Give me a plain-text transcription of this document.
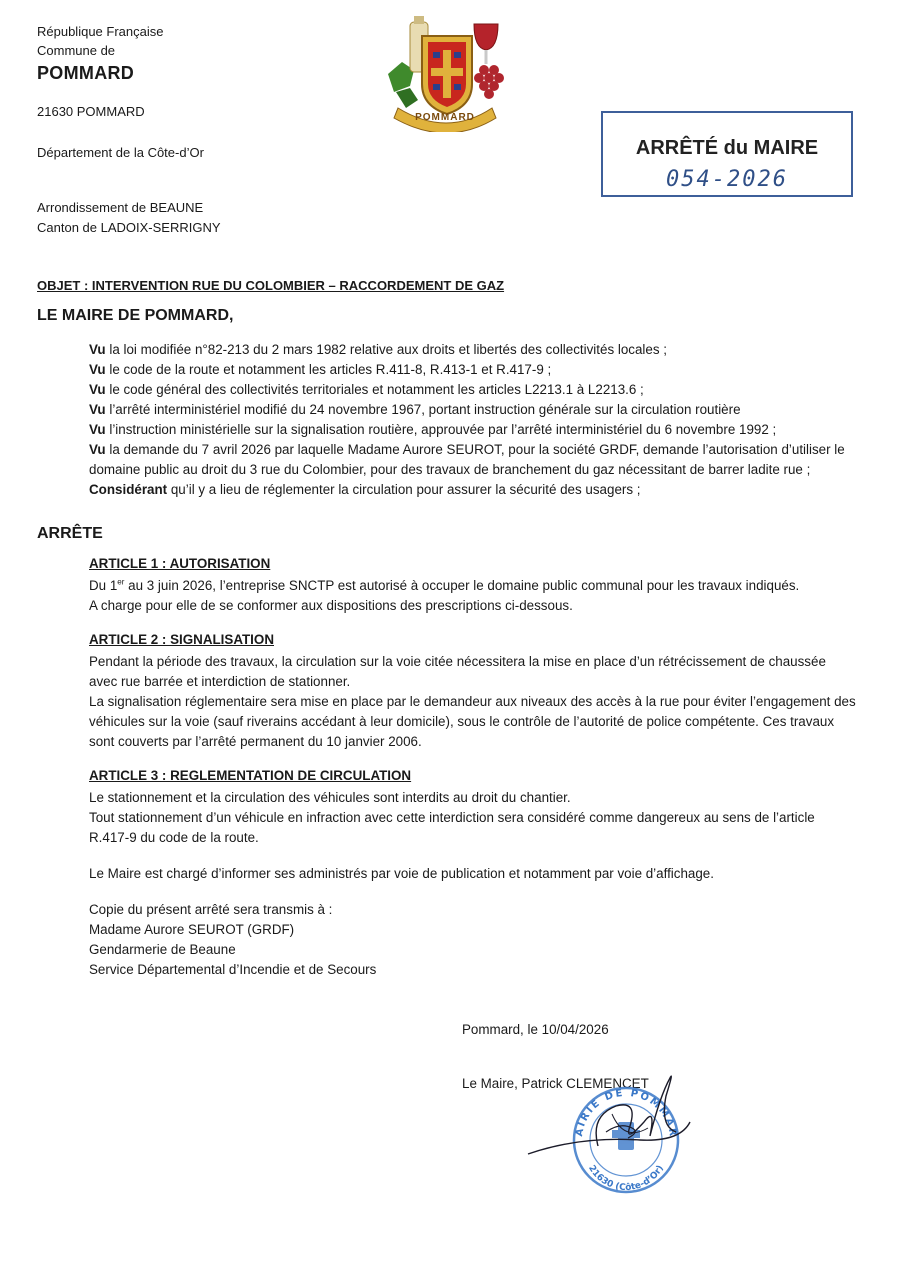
République Française
Commune de
POMMARD
21630 POMMARD
Département de la Côte-d’Or
Arrondissement de BEAUNE
Canton de LADOIX-SERRIGNY
POMMARD
ARRÊTÉ du MAIRE
054-2026
OBJET : INTERVENTION RUE DU COLOMBIER – RACCORDEMENT DE GAZ
LE MAIRE DE POMMARD,

Vu la loi modifiée n°82-213 du 2 mars 1982 relative aux droits et libertés des collectivités locales ;

Vu le code de la route et notamment les articles R.411-8, R.413-1 et R.417-9 ;

Vu le code général des collectivités territoriales et notamment les articles L2213.1 à L2213.6 ;

Vu l’arrêté interministériel modifié du 24 novembre 1967, portant instruction générale sur la circulation routière

Vu l’instruction ministérielle sur la signalisation routière, approuvée par l’arrêté interministériel du 6 novembre 1992 ;

Vu la demande du 7 avril 2026 par laquelle Madame Aurore SEUROT, pour la société GRDF, demande l’autorisation d’utiliser le domaine public au droit du 3 rue du Colombier, pour des travaux de branchement du gaz nécessitant de barrer ladite rue ;

Considérant qu’il y a lieu de réglementer la circulation pour assurer la sécurité des usagers ;

ARRÊTE
ARTICLE 1 : AUTORISATION

Du 1er au 3 juin 2026, l’entreprise SNCTP est autorisé à occuper le domaine public communal pour les travaux indiqués.

A charge pour elle de se conformer aux dispositions des prescriptions ci-dessous.

ARTICLE 2 : SIGNALISATION

Pendant la période des travaux, la circulation sur la voie citée nécessitera la mise en place d’un rétrécissement de chaussée avec rue barrée et interdiction de stationner.

La signalisation réglementaire sera mise en place par le demandeur aux niveaux des accès à la rue pour éviter l’engagement des véhicules sur la voie (sauf riverains accédant à leur domicile), sous le contrôle de l’autorité de police compétente. Ces travaux sont couverts par l’arrêté permanent du 10 janvier 2006.

ARTICLE 3 : REGLEMENTATION DE CIRCULATION

Le stationnement et la circulation des véhicules sont interdits au droit du chantier.

Tout stationnement d’un véhicule en infraction avec cette interdiction sera considéré comme dangereux au sens de l’article R.417-9 du code de la route.

Le Maire est chargé d’informer ses administrés par voie de publication et notamment par voie d’affichage.

Copie du présent arrêté sera transmis à :

Madame Aurore SEUROT (GRDF)

Gendarmerie de Beaune

Service Départemental d’Incendie et de Secours

Pommard, le 10/04/2026
Le Maire, Patrick CLEMENCET
AIRIE DE POMMAR
21630 (Côte-d’Or)
